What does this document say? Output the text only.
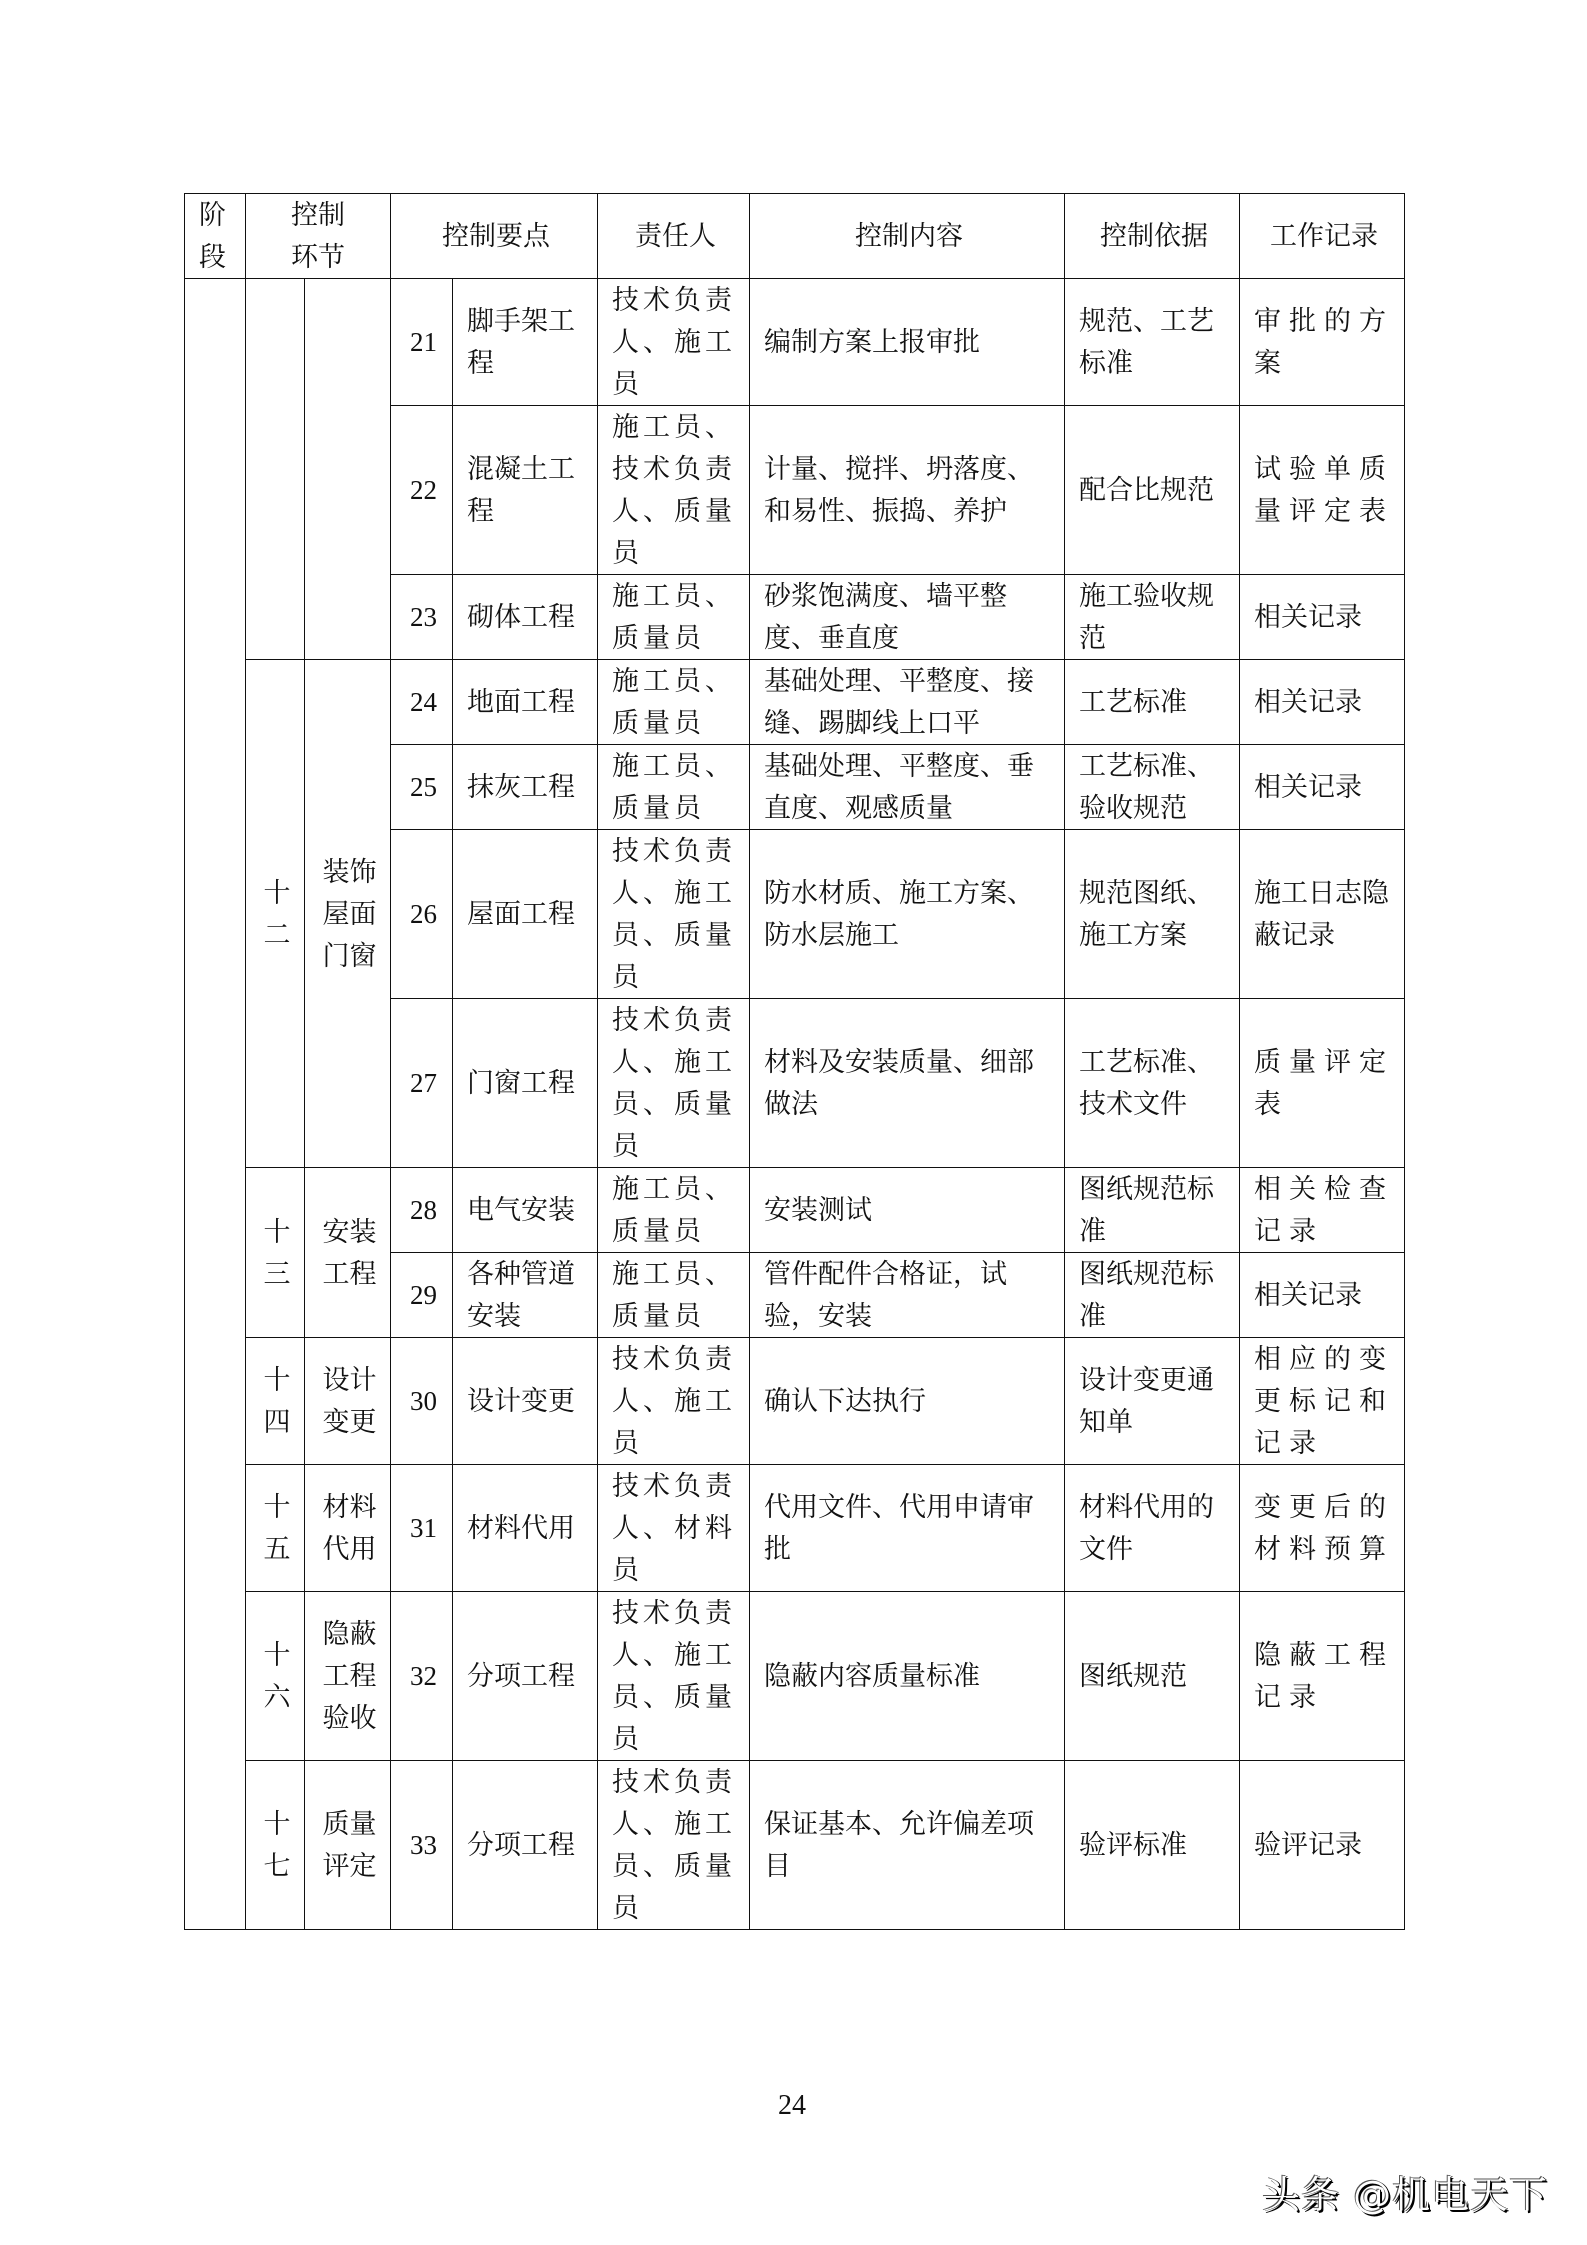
阶段	控制环节		控制要点		责任人	控制内容	控制依据	工作记录
			21	脚手架工程	技术负责人、施工员	编制方案上报审批	规范、工艺标准	审批的方案
			22	混凝土工程	施工员、技术负责人、质量员	计量、搅拌、坍落度、和易性、振捣、养护	配合比规范	试验单质量评定表
			23	砌体工程	施工员、质量员	砂浆饱满度、墙平整度、垂直度	施工验收规范	相关记录
	十二	装饰屋面门窗	24	地面工程	施工员、质量员	基础处理、平整度、接缝、踢脚线上口平	工艺标准	相关记录
			25	抹灰工程	施工员、质量员	基础处理、平整度、垂直度、观感质量	工艺标准、验收规范	相关记录
			26	屋面工程	技术负责人、施工员、质量员	防水材质、施工方案、防水层施工	规范图纸、施工方案	施工日志隐蔽记录
			27	门窗工程	技术负责人、施工员、质量员	材料及安装质量、细部做法	工艺标准、技术文件	质量评定表
	十三	安装工程	28	电气安装	施工员、质量员	安装测试	图纸规范标准	相关检查记录
			29	各种管道安装	施工员、质量员	管件配件合格证，试验，安装	图纸规范标准	相关记录
	十四	设计变更	30	设计变更	技术负责人、施工员	确认下达执行	设计变更通知单	相应的变更标记和记录
	十五	材料代用	31	材料代用	技术负责人、材料员	代用文件、代用申请审批	材料代用的文件	变更后的材料预算
	十六	隐蔽工程验收	32	分项工程	技术负责人、施工员、质量员	隐蔽内容质量标准	图纸规范	隐蔽工程记录
	十七	质量评定	33	分项工程	技术负责人、施工员、质量员	保证基本、允许偏差项目	验评标准	验评记录
24
头条 @机电天下
